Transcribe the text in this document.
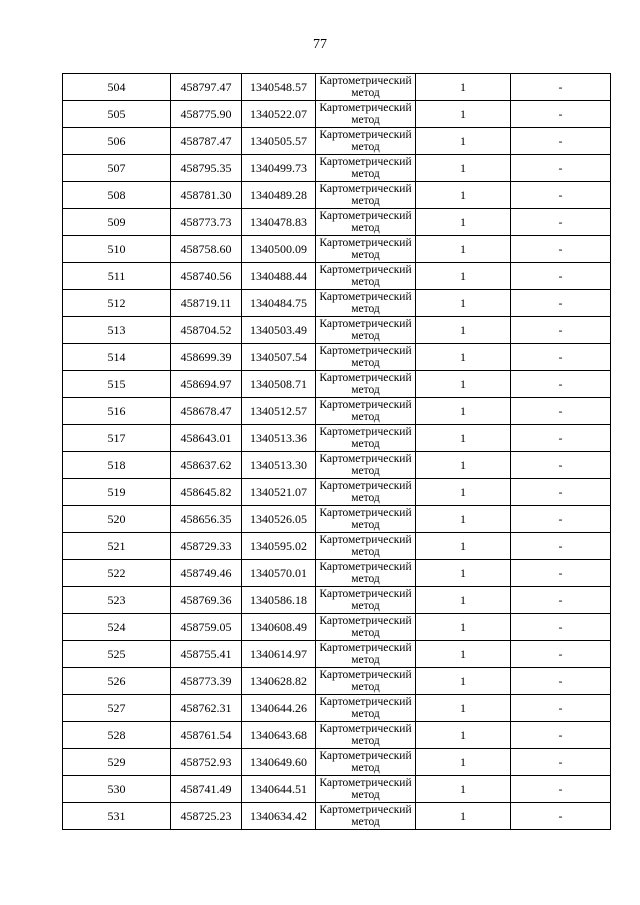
77
504	458797.47	1340548.57	Картометрический метод	1	-
505	458775.90	1340522.07	Картометрический метод	1	-
506	458787.47	1340505.57	Картометрический метод	1	-
507	458795.35	1340499.73	Картометрический метод	1	-
508	458781.30	1340489.28	Картометрический метод	1	-
509	458773.73	1340478.83	Картометрический метод	1	-
510	458758.60	1340500.09	Картометрический метод	1	-
511	458740.56	1340488.44	Картометрический метод	1	-
512	458719.11	1340484.75	Картометрический метод	1	-
513	458704.52	1340503.49	Картометрический метод	1	-
514	458699.39	1340507.54	Картометрический метод	1	-
515	458694.97	1340508.71	Картометрический метод	1	-
516	458678.47	1340512.57	Картометрический метод	1	-
517	458643.01	1340513.36	Картометрический метод	1	-
518	458637.62	1340513.30	Картометрический метод	1	-
519	458645.82	1340521.07	Картометрический метод	1	-
520	458656.35	1340526.05	Картометрический метод	1	-
521	458729.33	1340595.02	Картометрический метод	1	-
522	458749.46	1340570.01	Картометрический метод	1	-
523	458769.36	1340586.18	Картометрический метод	1	-
524	458759.05	1340608.49	Картометрический метод	1	-
525	458755.41	1340614.97	Картометрический метод	1	-
526	458773.39	1340628.82	Картометрический метод	1	-
527	458762.31	1340644.26	Картометрический метод	1	-
528	458761.54	1340643.68	Картометрический метод	1	-
529	458752.93	1340649.60	Картометрический метод	1	-
530	458741.49	1340644.51	Картометрический метод	1	-
531	458725.23	1340634.42	Картометрический метод	1	-
